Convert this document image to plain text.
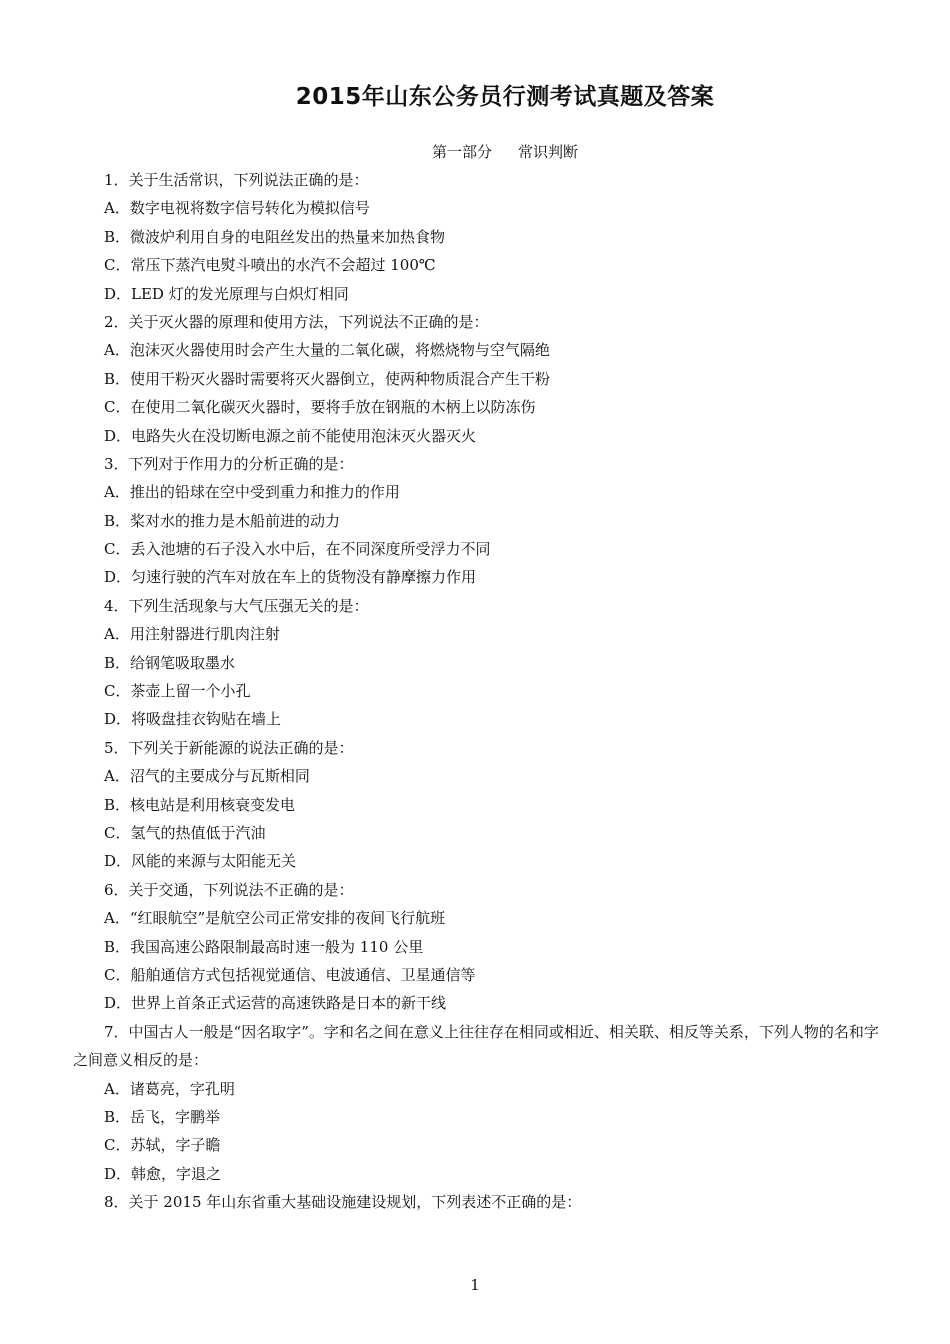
2015年山东公务员行测考试真题及答案
第一部分 常识判断
1．关于生活常识，下列说法正确的是：
A．数字电视将数字信号转化为模拟信号
B．微波炉利用自身的电阻丝发出的热量来加热食物
C．常压下蒸汽电熨斗喷出的水汽不会超过 100℃
D．LED 灯的发光原理与白炽灯相同
2．关于灭火器的原理和使用方法，下列说法不正确的是：
A．泡沫灭火器使用时会产生大量的二氧化碳，将燃烧物与空气隔绝
B．使用干粉灭火器时需要将灭火器倒立，使两种物质混合产生干粉
C．在使用二氧化碳灭火器时，要将手放在钢瓶的木柄上以防冻伤
D．电路失火在没切断电源之前不能使用泡沫灭火器灭火
3．下列对于作用力的分析正确的是：
A．推出的铅球在空中受到重力和推力的作用
B．桨对水的推力是木船前进的动力
C．丢入池塘的石子没入水中后，在不同深度所受浮力不同
D．匀速行驶的汽车对放在车上的货物没有静摩擦力作用
4．下列生活现象与大气压强无关的是：
A．用注射器进行肌肉注射
B．给钢笔吸取墨水
C．茶壶上留一个小孔
D．将吸盘挂衣钩贴在墙上
5．下列关于新能源的说法正确的是：
A．沼气的主要成分与瓦斯相同
B．核电站是利用核衰变发电
C．氢气的热值低于汽油
D．风能的来源与太阳能无关
6．关于交通，下列说法不正确的是：
A．“红眼航空”是航空公司正常安排的夜间飞行航班
B．我国高速公路限制最高时速一般为 110 公里
C．船舶通信方式包括视觉通信、电波通信、卫星通信等
D．世界上首条正式运营的高速铁路是日本的新干线
7．中国古人一般是“因名取字”。字和名之间在意义上往往存在相同或相近、相关联、相反等关系，下列人物的名和字之间意义相反的是：
A．诸葛亮，字孔明
B．岳飞，字鹏举
C．苏轼，字子瞻
D．韩愈，字退之
8．关于 2015 年山东省重大基础设施建设规划，下列表述不正确的是：
1
